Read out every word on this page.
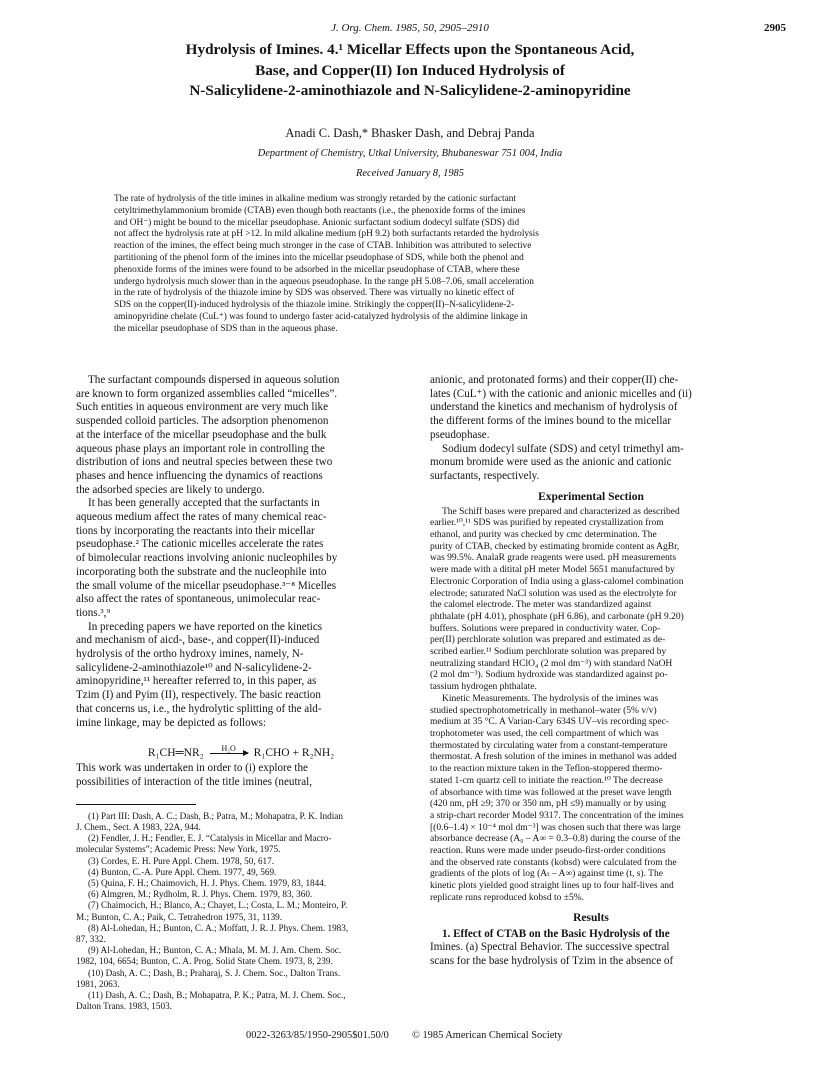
J. Org. Chem. 1985, 50, 2905–2910	2905
Hydrolysis of Imines. 4.¹ Micellar Effects upon the Spontaneous Acid,
Base, and Copper(II) Ion Induced Hydrolysis of
N-Salicylidene-2-aminothiazole and N-Salicylidene-2-aminopyridine
Anadi C. Dash,* Bhasker Dash, and Debraj Panda
Department of Chemistry, Utkal University, Bhubaneswar 751 004, India
Received January 8, 1985
The rate of hydrolysis of the title imines in alkaline medium was strongly retarded by the cationic surfactant
cetyltrimethylammonium bromide (CTAB) even though both reactants (i.e., the phenoxide forms of the imines
and OH⁻) might be bound to the micellar pseudophase. Anionic surfactant sodium dodecyl sulfate (SDS) did
not affect the hydrolysis rate at pH >12. In mild alkaline medium (pH 9.2) both surfactants retarded the hydrolysis
reaction of the imines, the effect being much stronger in the case of CTAB. Inhibition was attributed to selective
partitioning of the phenol form of the imines into the micellar pseudophase of SDS, while both the phenol and
phenoxide forms of the imines were found to be adsorbed in the micellar pseudophase of CTAB, where these
undergo hydrolysis much slower than in the aqueous pseudophase. In the range pH 5.08–7.06, small acceleration
in the rate of hydrolysis of the thiazole imine by SDS was observed. There was virtually no kinetic effect of
SDS on the copper(II)-induced hydrolysis of the thiazole imine. Strikingly the copper(II)–N-salicylidene-2-
aminopyridine chelate (CuL⁺) was found to undergo faster acid-catalyzed hydrolysis of the aldimine linkage in
the micellar pseudophase of SDS than in the aqueous phase.
The surfactant compounds dispersed in aqueous solution
are known to form organized assemblies called “micelles”.
Such entities in aqueous environment are very much like
suspended colloid particles. The adsorption phenomenon
at the interface of the micellar pseudophase and the bulk
aqueous phase plays an important role in controlling the
distribution of ions and neutral species between these two
phases and hence influencing the dynamics of reactions
the adsorbed species are likely to undergo.
It has been generally accepted that the surfactants in
aqueous medium affect the rates of many chemical reac-
tions by incorporating the reactants into their micellar
pseudophase.² The cationic micelles accelerate the rates
of bimolecular reactions involving anionic nucleophiles by
incorporating both the substrate and the nucleophile into
the small volume of the micellar pseudophase.³⁻⁸ Micelles
also affect the rates of spontaneous, unimolecular reac-
tions.³,⁹
In preceding papers we have reported on the kinetics
and mechanism of aicd-, base-, and copper(II)-induced
hydrolysis of the ortho hydroxy imines, namely, N-
salicylidene-2-aminothiazole¹⁰ and N-salicylidene-2-
aminopyridine,¹¹ hereafter referred to, in this paper, as
Tzim (I) and Pyim (II), respectively. The basic reaction
that concerns us, i.e., the hydrolytic splitting of the ald-
imine linkage, may be depicted as follows:
R₁CH═NR₂ H₂O R₁CHO + R₂NH₂
This work was undertaken in order to (i) explore the
possibilities of interaction of the title imines (neutral,
(1) Part III: Dash, A. C.; Dash, B.; Patra, M.; Mohapatra, P. K. Indian
J. Chem., Sect. A 1983, 22A, 944.
(2) Fendler, J. H.; Fendler, E. J. “Catalysis in Micellar and Macro-
molecular Systems”; Academic Press: New York, 1975.
(3) Cordes, E. H. Pure Appl. Chem. 1978, 50, 617.
(4) Bunton, C.-A. Pure Appl. Chem. 1977, 49, 569.
(5) Quina, F. H.; Chaimovich, H. J. Phys. Chem. 1979, 83, 1844.
(6) Almgren, M.; Rydholm, R. J. Phys. Chem. 1979, 83, 360.
(7) Chaimocich, H.; Blanco, A.; Chayet, L.; Costa, L. M.; Monteiro, P.
M.; Bunton, C. A.; Paik, C. Tetrahedron 1975, 31, 1139.
(8) Al-Lohedan, H.; Bunton, C. A.; Moffatt, J. R. J. Phys. Chem. 1983,
87, 332.
(9) Al-Lohedan, H.; Bunton, C. A.; Mhala, M. M. J. Am. Chem. Soc.
1982, 104, 6654; Bunton, C. A. Prog. Solid State Chem. 1973, 8, 239.
(10) Dash, A. C.; Dash, B.; Praharaj, S. J. Chem. Soc., Dalton Trans.
1981, 2063.
(11) Dash, A. C.; Dash, B.; Mohapatra, P. K.; Patra, M. J. Chem. Soc.,
Dalton Trans. 1983, 1503.
anionic, and protonated forms) and their copper(II) che-
lates (CuL⁺) with the cationic and anionic micelles and (ii)
understand the kinetics and mechanism of hydrolysis of
the different forms of the imines bound to the micellar
pseudophase.
Sodium dodecyl sulfate (SDS) and cetyl trimethyl am-
monum bromide were used as the anionic and cationic
surfactants, respectively.
Experimental Section
The Schiff bases were prepared and characterized as described
earlier.¹⁰,¹¹ SDS was purified by repeated crystallization from
ethanol, and purity was checked by cmc determination. The
purity of CTAB, checked by estimating bromide content as AgBr,
was 99.5%. AnalaR grade reagents were used. pH measurements
were made with a ditital pH meter Model 5651 manufactured by
Electronic Corporation of India using a glass-calomel combination
electrode; saturated NaCl solution was used as the electrolyte for
the calomel electrode. The meter was standardized against
phthalate (pH 4.01), phosphate (pH 6.86), and carbonate (pH 9.20)
buffers. Solutions were prepared in conductivity water. Cop-
per(II) perchlorate solution was prepared and estimated as de-
scribed earlier.¹¹ Sodium perchlorate solution was prepared by
neutralizing standard HClO₄ (2 mol dm⁻³) with standard NaOH
(2 mol dm⁻³). Sodium hydroxide was standardized against po-
tassium hydrogen phthalate.
Kinetic Measurements. The hydrolysis of the imines was
studied spectrophotometrically in methanol–water (5% v/v)
medium at 35 °C. A Varian-Cary 634S UV–vis recording spec-
trophotometer was used, the cell compartment of which was
thermostated by circulating water from a constant-temperature
thermostat. A fresh solution of the imines in methanol was added
to the reaction mixture taken in the Teflon-stoppered thermo-
stated 1-cm quartz cell to initiate the reaction.¹⁰ The decrease
of absorbance with time was followed at the preset wave length
(420 nm, pH ≥9; 370 or 350 nm, pH ≤9) manually or by using
a strip-chart recorder Model 9317. The concentration of the imines
[(0.6–1.4) × 10⁻⁴ mol dm⁻³] was chosen such that there was large
absorbance decrease (A₀ – A∞ = 0.3–0.8) during the course of the
reaction. Runs were made under pseudo-first-order conditions
and the observed rate constants (kobsd) were calculated from the
gradients of the plots of log (Aₜ – A∞) against time (t, s). The
kinetic plots yielded good straight lines up to four half-lives and
replicate runs reproduced kobsd to ±5%.
Results
1. Effect of CTAB on the Basic Hydrolysis of the
Imines. (a) Spectral Behavior. The successive spectral
scans for the base hydrolysis of Tzim in the absence of
0022-3263/85/1950-2905$01.50/0 © 1985 American Chemical Society
